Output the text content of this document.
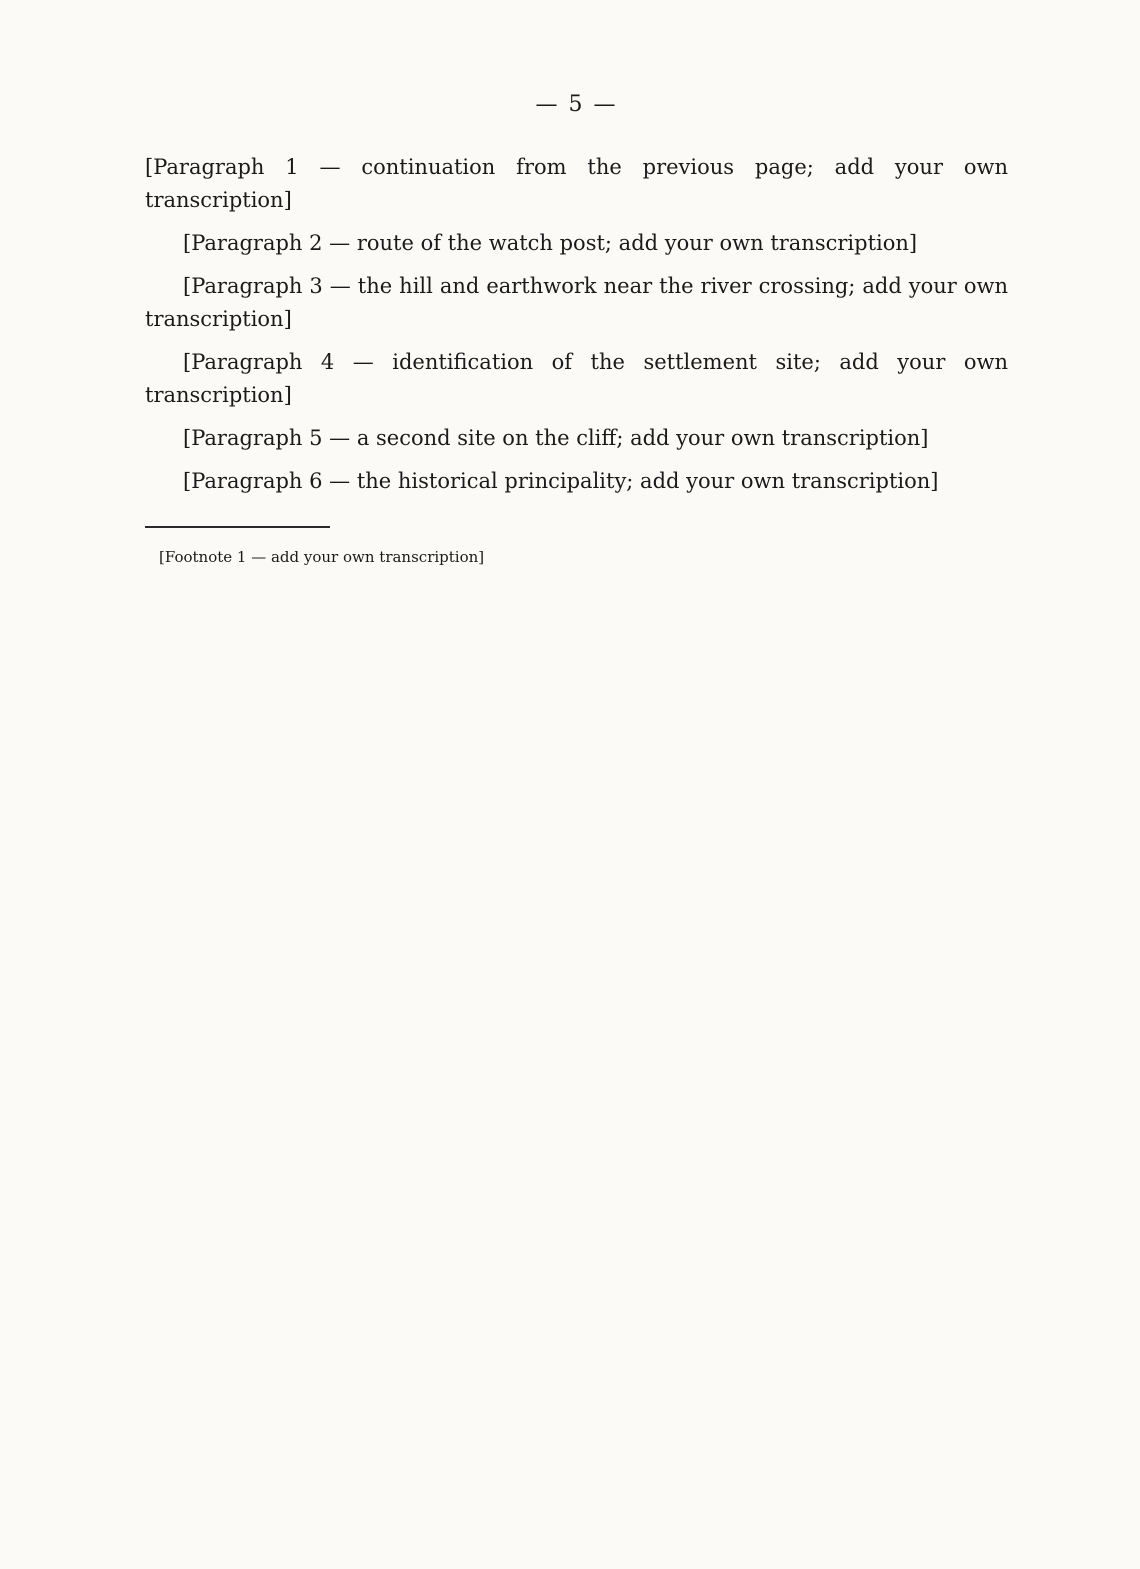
— 5 —

[Paragraph 1 — continuation from the previous page; add your own transcription]

[Paragraph 2 — route of the watch post; add your own transcription]

[Paragraph 3 — the hill and earthwork near the river crossing; add your own transcription]

[Paragraph 4 — identification of the settlement site; add your own transcription]

[Paragraph 5 — a second site on the cliff; add your own transcription]

[Paragraph 6 — the historical principality; add your own transcription]

[Footnote 1 — add your own transcription]
